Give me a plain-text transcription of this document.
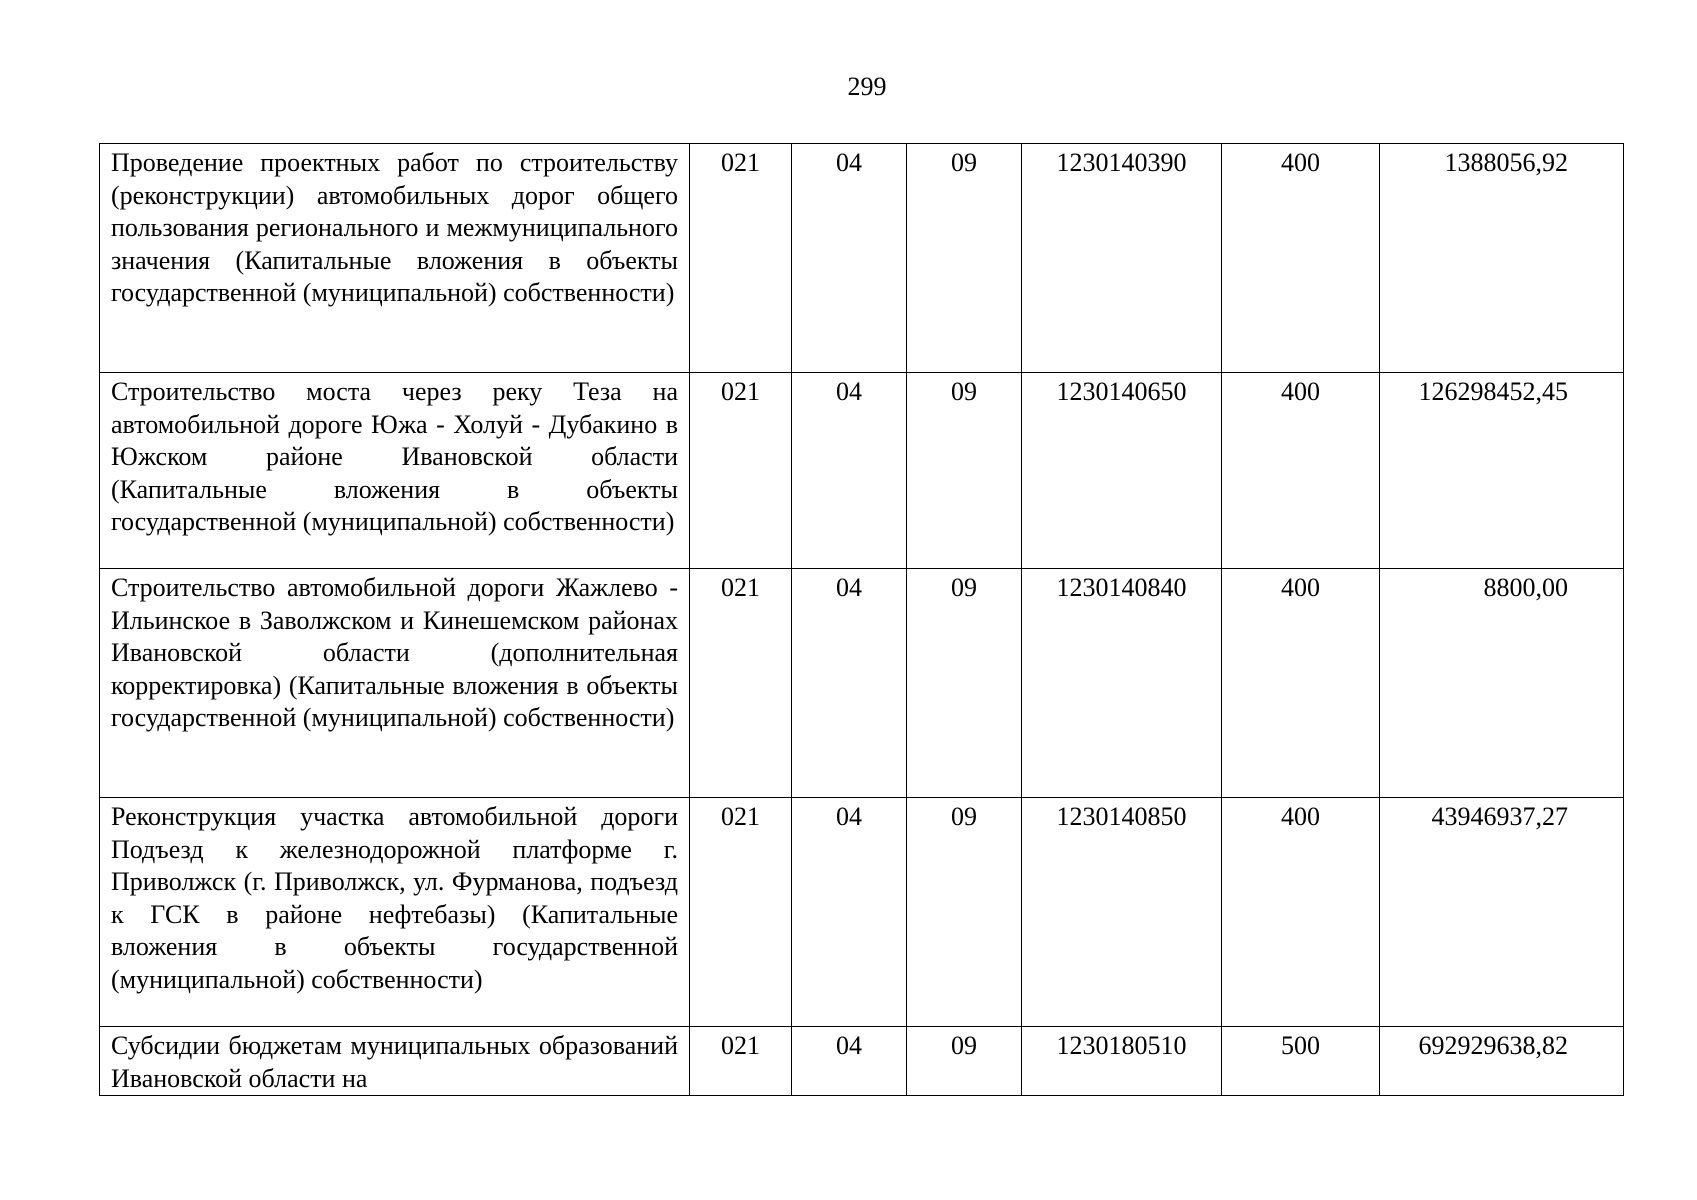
299
Проведение проектных работ по строительству (реконструкции) автомобильных дорог общего пользования регионального и межмуниципального значения (Капитальные вложения в объекты государственной (муниципальной) собственности)	021	04	09	1230140390	400	1388056,92
Строительство моста через реку Теза на автомобильной дороге Южа - Холуй - Дубакино в Южском районе Ивановской области (Капитальные вложения в объекты государственной (муниципальной) собственности)	021	04	09	1230140650	400	126298452,45
Строительство автомобильной дороги Жажлево - Ильинское в Заволжском и Кинешемском районах Ивановской области (дополнительная корректировка) (Капитальные вложения в объекты государственной (муниципальной) собственности)	021	04	09	1230140840	400	8800,00
Реконструкция участка автомобильной дороги Подъезд к железнодорожной платформе г. Приволжск (г. Приволжск, ул. Фурманова, подъезд к ГСК в районе нефтебазы) (Капитальные вложения в объекты государственной (муниципальной) собственности)	021	04	09	1230140850	400	43946937,27
Субсидии бюджетам муниципальных образований Ивановской области на	021	04	09	1230180510	500	692929638,82
